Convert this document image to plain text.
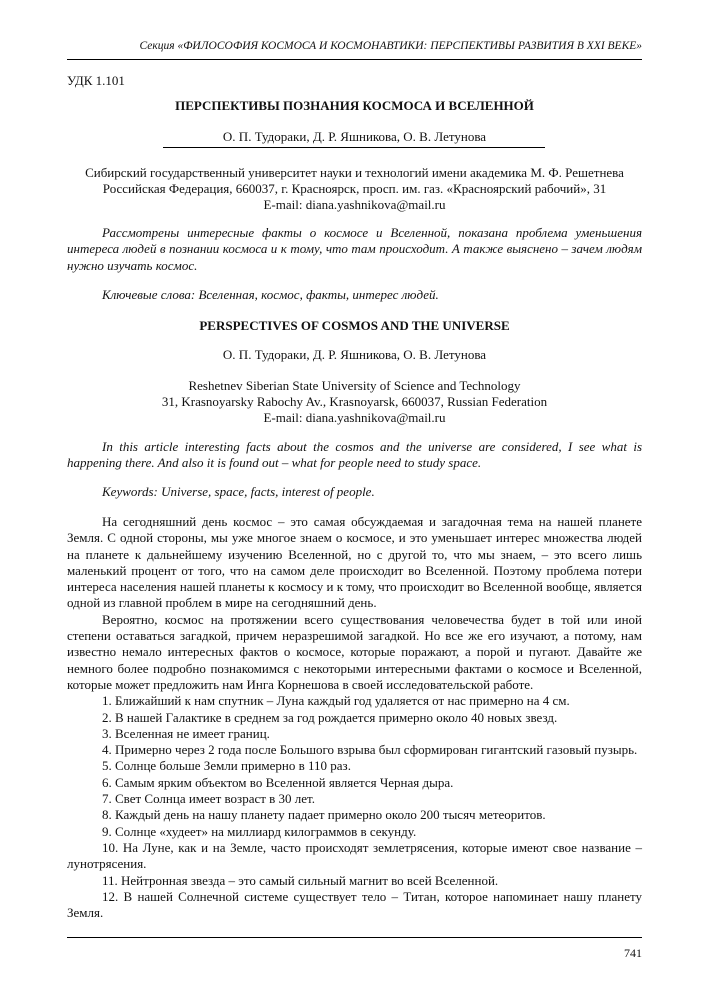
Секция «ФИЛОСОФИЯ КОСМОСА И КОСМОНАВТИКИ: ПЕРСПЕКТИВЫ РАЗВИТИЯ В XXI ВЕКЕ»
УДК 1.101
ПЕРСПЕКТИВЫ ПОЗНАНИЯ КОСМОСА И ВСЕЛЕННОЙ
О. П. Тудораки, Д. Р. Яшникова, О. В. Летунова
Сибирский государственный университет науки и технологий имени академика М. Ф. Решетнева
Российская Федерация, 660037, г. Красноярск, просп. им. газ. «Красноярский рабочий», 31
E-mail: diana.yashnikova@mail.ru
Рассмотрены интересные факты о космосе и Вселенной, показана проблема уменьшения интереса людей в познании космоса и к тому, что там происходит. А также выяснено – зачем людям нужно изучать космос.
Ключевые слова: Вселенная, космос, факты, интерес людей.
PERSPECTIVES OF COSMOS AND THE UNIVERSE
О. П. Тудораки, Д. Р. Яшникова, О. В. Летунова
Reshetnev Siberian State University of Science and Technology
31, Krasnoyarsky Rabochy Av., Krasnoyarsk, 660037, Russian Federation
E-mail: diana.yashnikova@mail.ru
In this article interesting facts about the cosmos and the universe are considered, I see what is happening there. And also it is found out – what for people need to study space.
Keywords: Universe, space, facts, interest of people.

На сегодняшний день космос – это самая обсуждаемая и загадочная тема на нашей планете Земля. С одной стороны, мы уже многое знаем о космосе, и это уменьшает интерес множества людей на планете к дальнейшему изучению Вселенной, но с другой то, что мы знаем, – это всего лишь маленький процент от того, что на самом деле происходит во Вселенной. Поэтому проблема потери интереса населения нашей планеты к космосу и к тому, что происходит во Вселенной вообще, является одной из главной проблем в мире на сегодняшний день.

Вероятно, космос на протяжении всего существования человечества будет в той или иной степени оставаться загадкой, причем неразрешимой загадкой. Но все же его изучают, а потому, нам известно немало интересных фактов о космосе, которые поражают, а порой и пугают. Давайте же немного более подробно познакомимся с некоторыми интересными фактами о космосе и Вселенной, которые может предложить нам Инга Корнешова в своей исследовательской работе.

1. Ближайший к нам спутник – Луна каждый год удаляется от нас примерно на 4 см.

2. В нашей Галактике в среднем за год рождается примерно около 40 новых звезд.

3. Вселенная не имеет границ.

4. Примерно через 2 года после Большого взрыва был сформирован гигантский газовый пузырь.

5. Солнце больше Земли примерно в 110 раз.

6. Самым ярким объектом во Вселенной является Черная дыра.

7. Свет Солнца имеет возраст в 30 лет.

8. Каждый день на нашу планету падает примерно около 200 тысяч метеоритов.

9. Солнце «худеет» на миллиард килограммов в секунду.

10. На Луне, как и на Земле, часто происходят землетрясения, которые имеют свое название – лунотрясения.

11. Нейтронная звезда – это самый сильный магнит во всей Вселенной.

12. В нашей Солнечной системе существует тело – Титан, которое напоминает нашу планету Земля.

741
